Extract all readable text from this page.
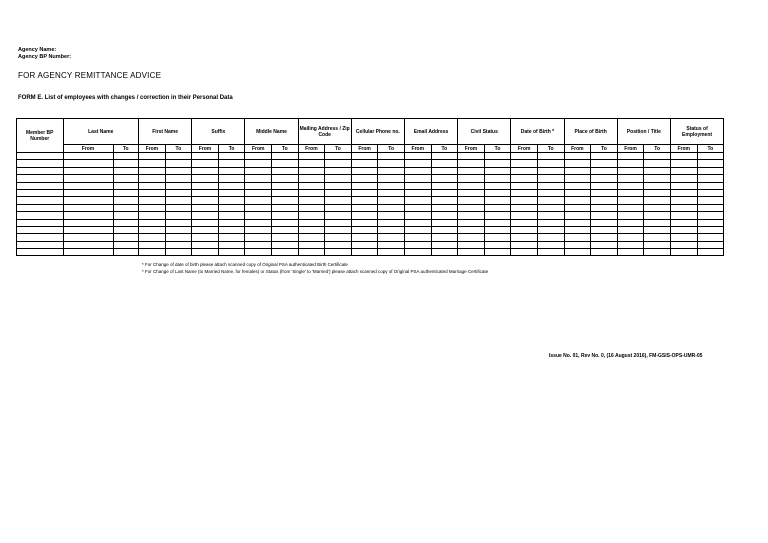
Agency Name:
Agency BP Number:
FOR AGENCY REMITTANCE ADVICE
FORM E. List of employees with changes / correction in their Personal Data
Member BP Number	Last Name		First Name		Suffix		Middle Name		Mailing Address / Zip Code		Cellular Phone no.		Email Address		Civil Status		Date of Birth *		Place of Birth		Position / Title		Status of Employment	
	From	To	From	To	From	To	From	To	From	To	From	To	From	To	From	To	From	To	From	To	From	To	From	To

* For Change of date of birth please attach scanned copy of Original PSA authenticated Birth Certificate
* For Change of Last Name (to Married Name, for females) or Status (from 'Single' to 'Married') please attach scanned copy of Original PSA authenticated Marriage Certificate
Issue No. 01, Rev No. 0, (16 August 2016), FM-GSIS-OPS-UMR-05
